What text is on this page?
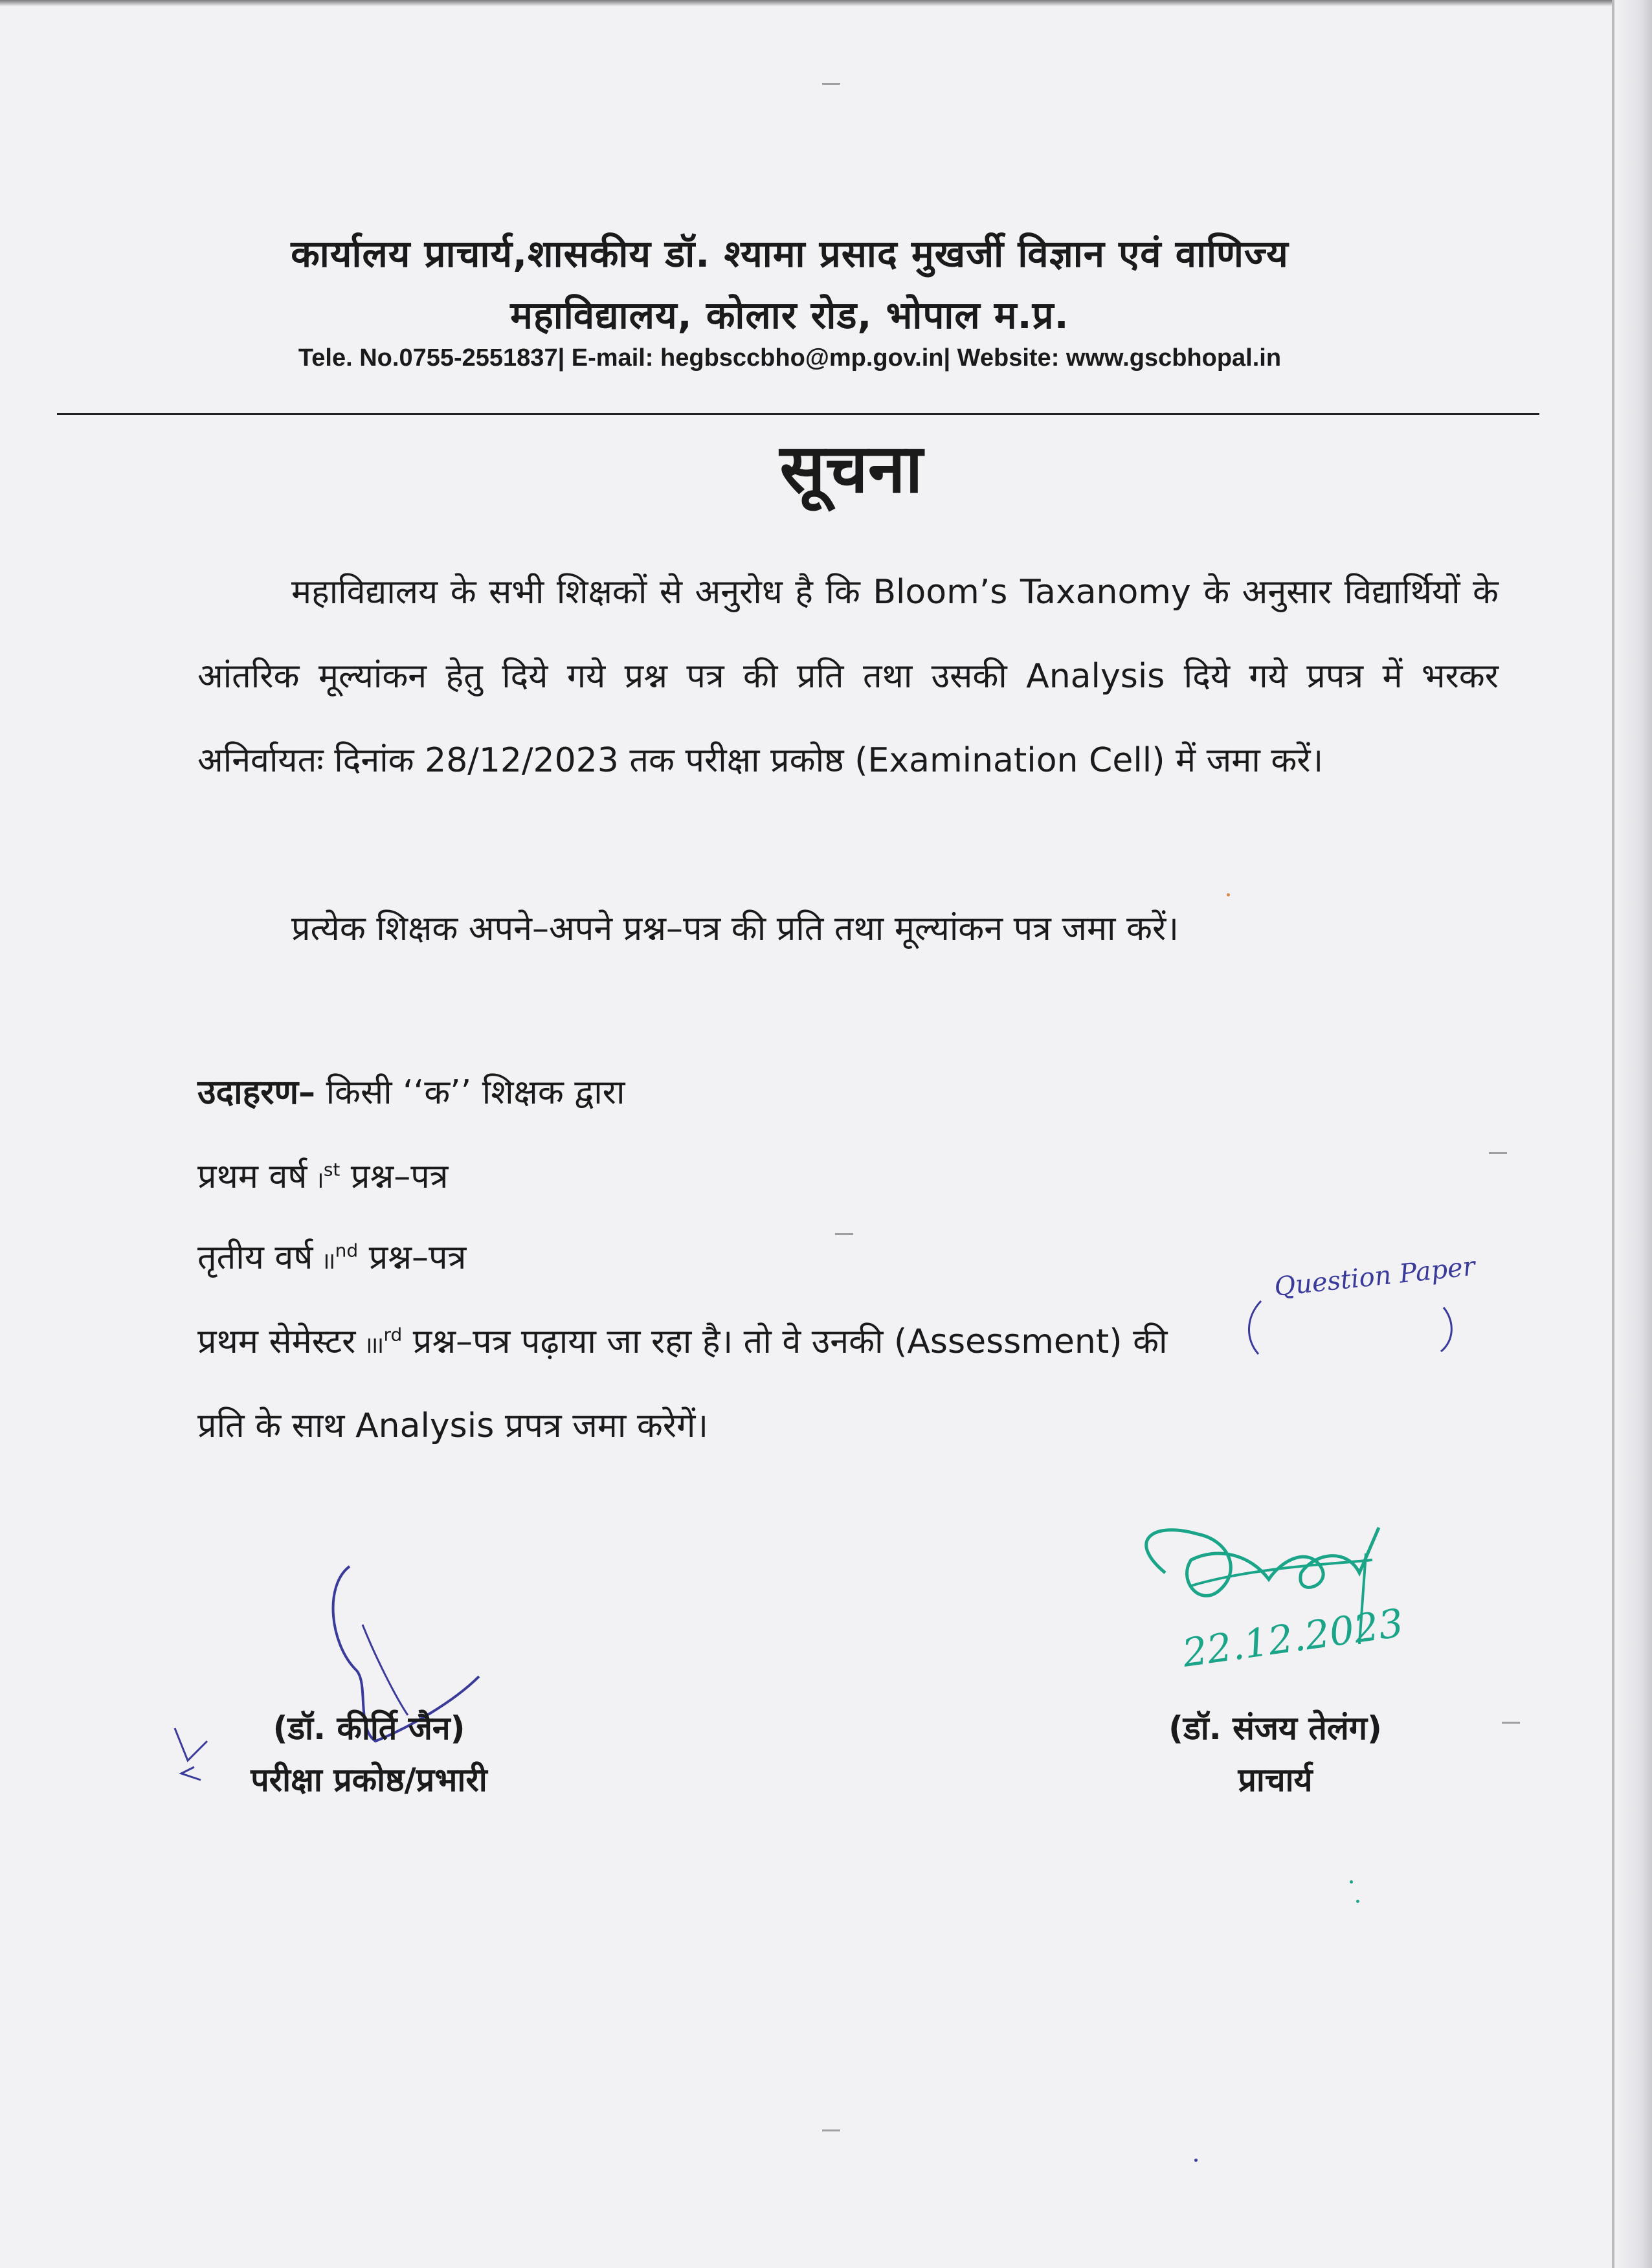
कार्यालय प्राचार्य,शासकीय डॉ. श्यामा प्रसाद मुखर्जी विज्ञान एवं वाणिज्य
महाविद्यालय, कोलार रोड, भोपाल म.प्र.
Tele. No.0755-2551837| E-mail: hegbsccbho@mp.gov.in| Website: www.gscbhopal.in
सूचना
महाविद्यालय के सभी शिक्षकों से अनुरोध है कि Bloom’s Taxanomy के अनुसार विद्यार्थियों के आंतरिक मूल्यांकन हेतु दिये गये प्रश्न पत्र की प्रति तथा उसकी Analysis दिये गये प्रपत्र में भरकर अनिर्वायतः दिनांक 28/12/2023 तक परीक्षा प्रकोष्ठ (Examination Cell) में जमा करें।
प्रत्येक शिक्षक अपने–अपने प्रश्न–पत्र की प्रति तथा मूल्यांकन पत्र जमा करें।
उदाहरण– किसी ‘‘क’’ शिक्षक द्वारा
प्रथम वर्ष Ist प्रश्न–पत्र
तृतीय वर्ष IInd प्रश्न–पत्र
प्रथम सेमेस्टर IIIrd प्रश्न–पत्र पढ़ाया जा रहा है। तो वे उनकी (Assessment) की
प्रति के साथ Analysis प्रपत्र जमा करेगें।
Question Paper
22.12.2023
(डॉ. कीर्ति जैन)
परीक्षा प्रकोष्ठ/प्रभारी
(डॉ. संजय तेलंग)
प्राचार्य
